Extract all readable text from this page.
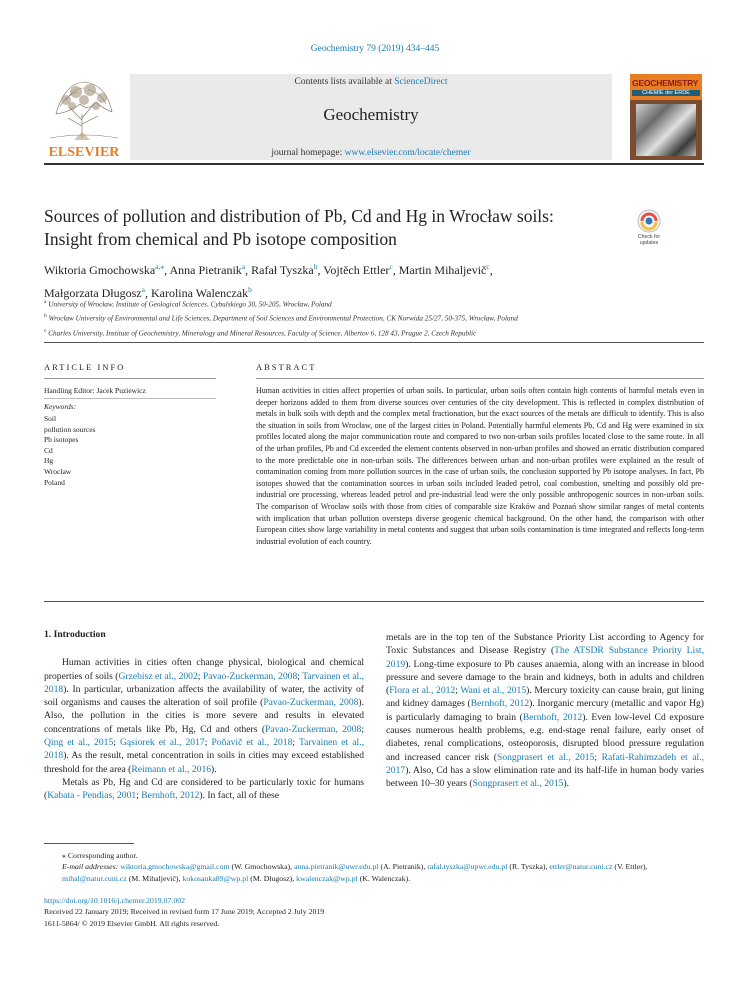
Geochemistry 79 (2019) 434–445
ELSEVIER
Contents lists available at ScienceDirect
Geochemistry
journal homepage: www.elsevier.com/locate/chemer
GEOCHEMISTRY
CHEMIE der ERDE
Sources of pollution and distribution of Pb, Cd and Hg in Wrocław soils:
Insight from chemical and Pb isotope composition	Check for updates
Wiktoria Gmochowska$^{a,⁎}$, Anna Pietranik$^a$, Rafał Tyszka$^b$, Vojtěch Ettler$^c$, Martin Mihaljevič$^c$,
Małgorzata Długosz$^a$, Karolina Walenczak$^b$
$^a$ University of Wrocław, Institute of Geological Sciences, Cybulskiego 30, 50-205, Wrocław, Poland
$^b$ Wrocław University of Environmental and Life Sciences, Department of Soil Sciences and Environmental Protection, CK Norwida 25/27, 50-375, Wrocław, Poland
$^c$ Charles University, Institute of Geochemistry, Mineralogy and Mineral Resources, Faculty of Science, Albertov 6, 128 43, Prague 2, Czech Republic
ARTICLE INFO
Handling Editor: Jacek Puziewicz
Keywords:
Soil
pollution sources
Pb isotopes
Cd
Hg
Wrocław
Poland
ABSTRACT

Human activities in cities affect properties of urban soils. In particular, urban soils often contain high contents of harmful metals even in deeper horizons added to them from diverse sources over centuries of the city development. This is reflected in complex distribution of metals in bulk soils with depth and the complex metal fractionation, but the exact sources of the metals are difficult to identify. This is also the situation in soils from Wrocław, one of the largest cities in Poland. Potentially harmful elements Pb, Cd and Hg were examined in six profiles located along the major communication route and compared to two non-urban soils profiles located close to the same route. In all of the urban profiles, Pb and Cd exceeded the element contents observed in non-urban profiles and showed an erratic distribution compared to the more predictable one in non-urban soils. The differences between urban and non-urban profiles were explained as the result of contamination coming from more pollution sources in the case of urban soils, the conclusion supported by Pb isotope analyses. In fact, Pb isotopes showed that the contamination sources in urban soils included leaded petrol, coal combustion, smelting and possibly old pre-industrial ore processing, whereas leaded petrol and pre-industrial lead were the only possible anthropogenic sources in non-urban soils. The comparison of Wrocław soils with those from cities of comparable size Kraków and Poznań show similar ranges of metal contents with implication that urban pollution oversteps diverse geogenic chemical background. On the other hand, the comparison with other European cities show large variability in metal contents and suggest that urban soils contamination is time integrated and reflects long-term industrial evolution of each country.

1. Introduction

Human activities in cities often change physical, biological and chemical properties of soils (Grzebisz et al., 2002; Pavao-Zuckerman, 2008; Tarvainen et al., 2018). In particular, urbanization affects the availability of water, the activity of soil organisms and causes the alteration of soil profile (Pavao-Zuckerman, 2008). Also, the pollution in the cities is more severe and results in elevated concentrations of metals like Pb, Hg, Cd and others (Pavao-Zuckerman, 2008; Qing et al., 2015; Gąsiorek et al., 2017; Poňavič et al., 2018; Tarvainen et al., 2018). As the result, metal concentration in soils in cities may exceed established threshold for the area (Reimann et al., 2016).

Metals as Pb, Hg and Cd are considered to be particularly toxic for humans (Kabata - Pendias, 2001; Bernhoft, 2012). In fact, all of these

metals are in the top ten of the Substance Priority List according to Agency for Toxic Substances and Disease Registry (The ATSDR Substance Priority List, 2019). Long-time exposure to Pb causes anaemia, along with an increase in blood pressure and severe damage to the brain and kidneys, both in adults and children (Flora et al., 2012; Wani et al., 2015). Mercury toxicity can cause brain, gut lining and kidney damages (Bernhoft, 2012). Inorganic mercury (metallic and vapor Hg) is particularly damaging to brain (Bernhoft, 2012). Even low-level Cd exposure causes numerous health problems, e.g. end-stage renal failure, early onset of diabetes, renal complications, osteoporosis, disrupted blood pressure regulation and increased cancer risk (Songprasert et al., 2015; Rafati-Rahimzadeh et al., 2017). Also, Cd has a slow elimination rate and its half-life in human body varies between 10–30 years (Songprasert et al., 2015).

⁎ Corresponding author.

E-mail addresses: wiktoria.gmochowska@gmail.com (W. Gmochowska), anna.pietranik@uwr.edu.pl (A. Pietranik), rafal.tyszka@upwr.edu.pl (R. Tyszka), ettler@natur.cuni.cz (V. Ettler), mihal@natur.cuni.cz (M. Mihaljevič), kokosanka89@wp.pl (M. Długosz), kwalenczak@wp.pl (K. Walenczak).

https://doi.org/10.1016/j.chemer.2019.07.002

Received 22 January 2019; Received in revised form 17 June 2019; Accepted 2 July 2019

1611-5864/ © 2019 Elsevier GmbH. All rights reserved.
